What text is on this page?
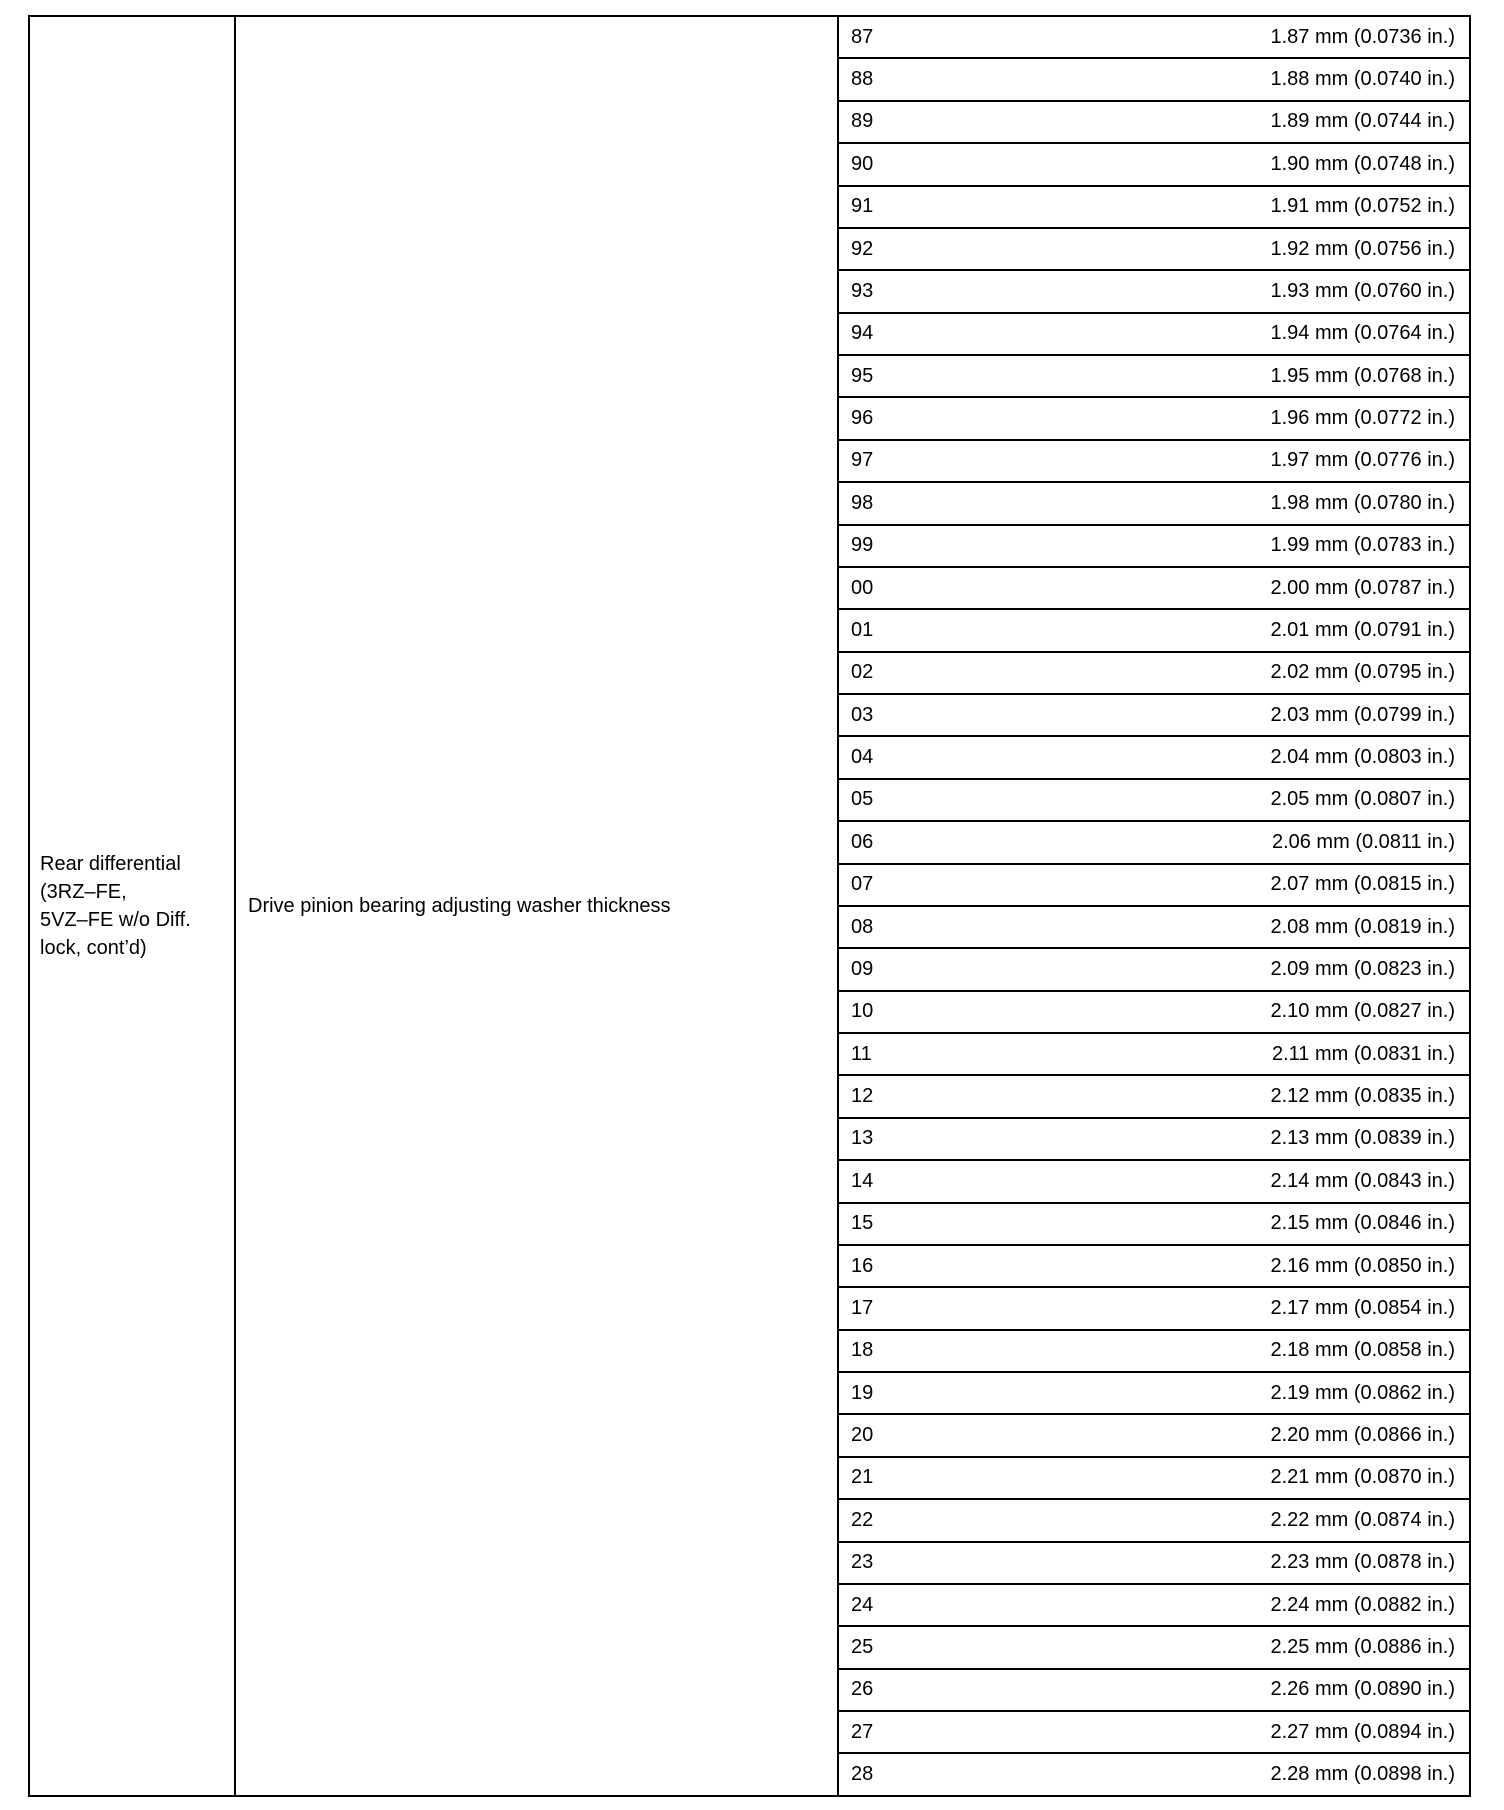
Rear differential
(3RZ–FE,
5VZ–FE w/o Diff.
lock, cont’d)
Drive pinion bearing adjusting washer thickness
87	1.87 mm (0.0736 in.)
88	1.88 mm (0.0740 in.)
89	1.89 mm (0.0744 in.)
90	1.90 mm (0.0748 in.)
91	1.91 mm (0.0752 in.)
92	1.92 mm (0.0756 in.)
93	1.93 mm (0.0760 in.)
94	1.94 mm (0.0764 in.)
95	1.95 mm (0.0768 in.)
96	1.96 mm (0.0772 in.)
97	1.97 mm (0.0776 in.)
98	1.98 mm (0.0780 in.)
99	1.99 mm (0.0783 in.)
00	2.00 mm (0.0787 in.)
01	2.01 mm (0.0791 in.)
02	2.02 mm (0.0795 in.)
03	2.03 mm (0.0799 in.)
04	2.04 mm (0.0803 in.)
05	2.05 mm (0.0807 in.)
06	2.06 mm (0.0811 in.)
07	2.07 mm (0.0815 in.)
08	2.08 mm (0.0819 in.)
09	2.09 mm (0.0823 in.)
10	2.10 mm (0.0827 in.)
11	2.11 mm (0.0831 in.)
12	2.12 mm (0.0835 in.)
13	2.13 mm (0.0839 in.)
14	2.14 mm (0.0843 in.)
15	2.15 mm (0.0846 in.)
16	2.16 mm (0.0850 in.)
17	2.17 mm (0.0854 in.)
18	2.18 mm (0.0858 in.)
19	2.19 mm (0.0862 in.)
20	2.20 mm (0.0866 in.)
21	2.21 mm (0.0870 in.)
22	2.22 mm (0.0874 in.)
23	2.23 mm (0.0878 in.)
24	2.24 mm (0.0882 in.)
25	2.25 mm (0.0886 in.)
26	2.26 mm (0.0890 in.)
27	2.27 mm (0.0894 in.)
28	2.28 mm (0.0898 in.)
